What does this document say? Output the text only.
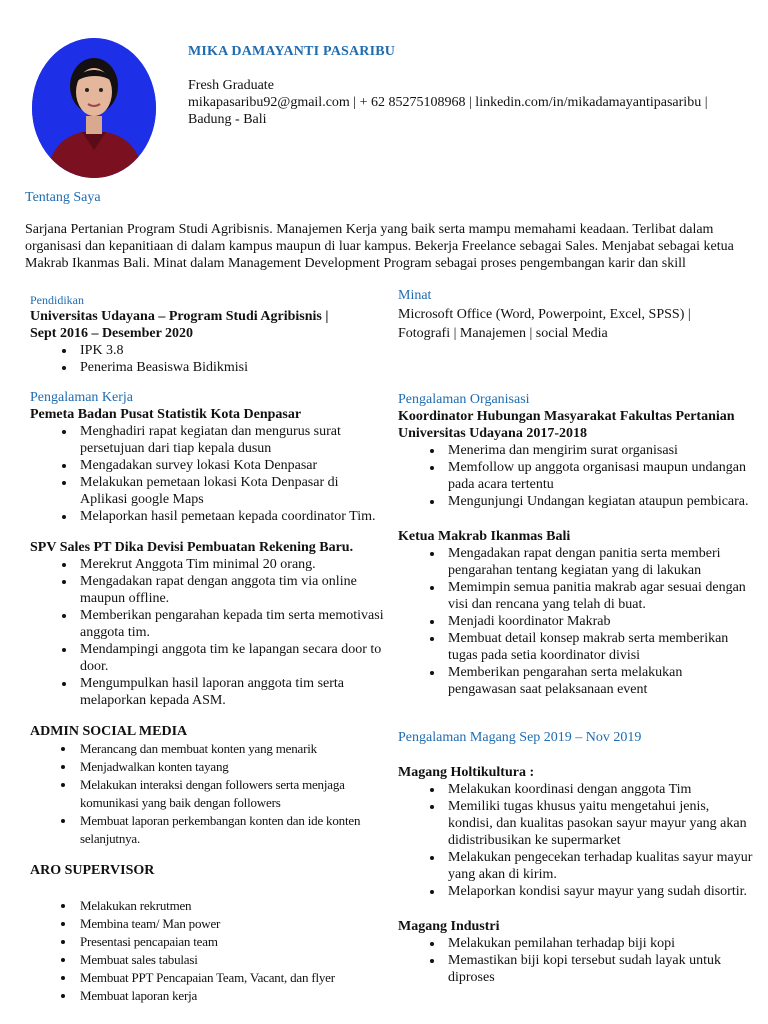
MIKA DAMAYANTI PASARIBU
Fresh Graduate
mikapasaribu92@gmail.com | + 62 85275108968 | linkedin.com/in/mikadamayantipasaribu |
Badung - Bali
Tentang Saya
Sarjana Pertanian Program Studi Agribisnis. Manajemen Kerja yang baik serta mampu memahami keadaan. Terlibat dalam organisasi dan kepanitiaan di dalam kampus maupun di luar kampus. Bekerja Freelance sebagai Sales. Menjabat sebagai ketua Makrab Ikanmas Bali. Minat dalam Management Development Program sebagai proses pengembangan karir dan skill
Pendidikan
Universitas Udayana – Program Studi Agribisnis |
Sept 2016 – Desember 2020
• IPK 3.8
• Penerima Beasiswa Bidikmisi
Pengalaman Kerja
Pemeta Badan Pusat Statistik Kota Denpasar
• Menghadiri rapat kegiatan dan mengurus surat persetujuan dari tiap kepala dusun
• Mengadakan survey lokasi Kota Denpasar
• Melakukan pemetaan lokasi Kota Denpasar di Aplikasi google Maps
• Melaporkan hasil pemetaan kepada coordinator Tim.
SPV Sales PT Dika Devisi Pembuatan Rekening Baru.
• Merekrut Anggota Tim minimal 20 orang.
• Mengadakan rapat dengan anggota tim via online maupun offline.
• Memberikan pengarahan kepada tim serta memotivasi anggota tim.
• Mendampingi anggota tim ke lapangan secara door to door.
• Mengumpulkan hasil laporan anggota tim serta melaporkan kepada ASM.
ADMIN SOCIAL MEDIA
• Merancang dan membuat konten yang menarik
• Menjadwalkan konten tayang
• Melakukan interaksi dengan followers serta menjaga komunikasi yang baik dengan followers
• Membuat laporan perkembangan konten dan ide konten selanjutnya.
ARO SUPERVISOR
• Melakukan rekrutmen
• Membina team/ Man power
• Presentasi pencapaian team
• Membuat sales tabulasi
• Membuat PPT Pencapaian Team, Vacant, dan flyer
• Membuat laporan kerja
Minat
Microsoft Office (Word, Powerpoint, Excel, SPSS) |
Fotografi | Manajemen | social Media
Pengalaman Organisasi
Koordinator Hubungan Masyarakat Fakultas Pertanian Universitas Udayana 2017-2018
• Menerima dan mengirim surat organisasi
• Memfollow up anggota organisasi maupun undangan pada acara tertentu
• Mengunjungi Undangan kegiatan ataupun pembicara.
Ketua Makrab Ikanmas Bali
• Mengadakan rapat dengan panitia serta memberi pengarahan tentang kegiatan yang di lakukan
• Memimpin semua panitia makrab agar sesuai dengan visi dan rencana yang telah di buat.
• Menjadi koordinator Makrab
• Membuat detail konsep makrab serta memberikan tugas pada setia koordinator divisi
• Memberikan pengarahan serta melakukan pengawasan saat pelaksanaan event
Pengalaman Magang Sep 2019 – Nov 2019
Magang Holtikultura :
• Melakukan koordinasi dengan anggota Tim
• Memiliki tugas khusus yaitu mengetahui jenis, kondisi, dan kualitas pasokan sayur mayur yang akan didistribusikan ke supermarket
• Melakukan pengecekan terhadap kualitas sayur mayur yang akan di kirim.
• Melaporkan kondisi sayur mayur yang sudah disortir.
Magang Industri
• Melakukan pemilahan terhadap biji kopi
• Memastikan biji kopi tersebut sudah layak untuk diproses
